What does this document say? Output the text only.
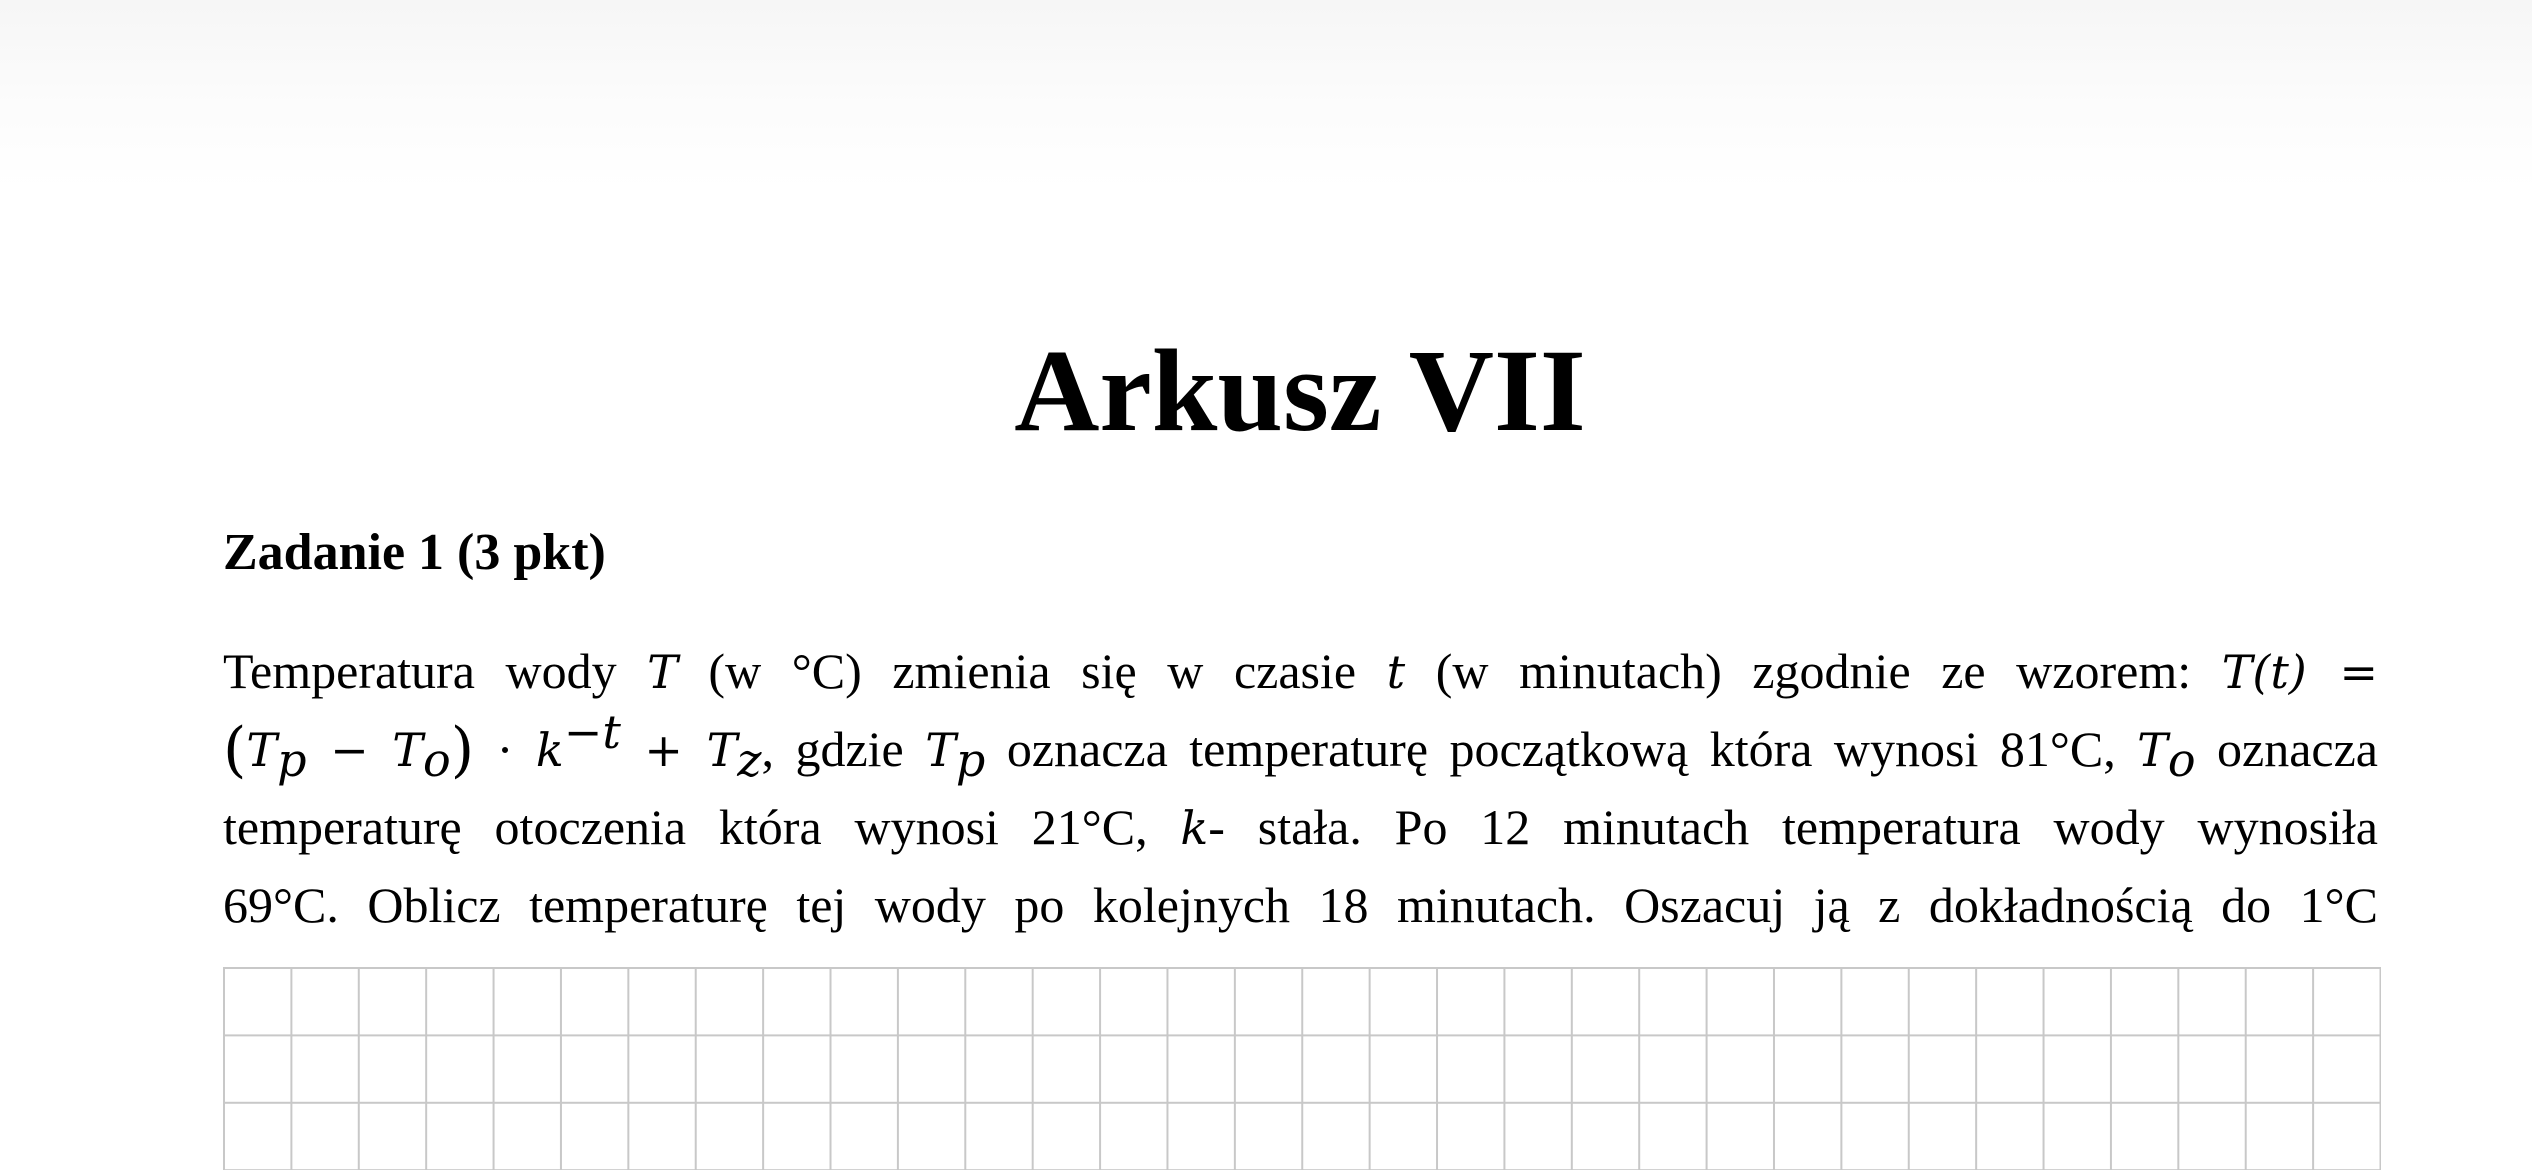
Arkusz VII
Zadanie 1 (3 pkt)
Temperatura wody T (w °C) zmienia się w czasie t (w minutach) zgodnie ze wzorem: T(t) =
$(T_p - T_o) \cdot k^{-t} + T_z$, gdzie $T_p$ oznacza temperaturę początkową która wynosi 81°C, $T_o$ oznacza
temperaturę otoczenia która wynosi 21°C, k- stała. Po 12 minutach temperatura wody wynosiła
69°C. Oblicz temperaturę tej wody po kolejnych 18 minutach. Oszacuj ją z dokładnością do 1°C
